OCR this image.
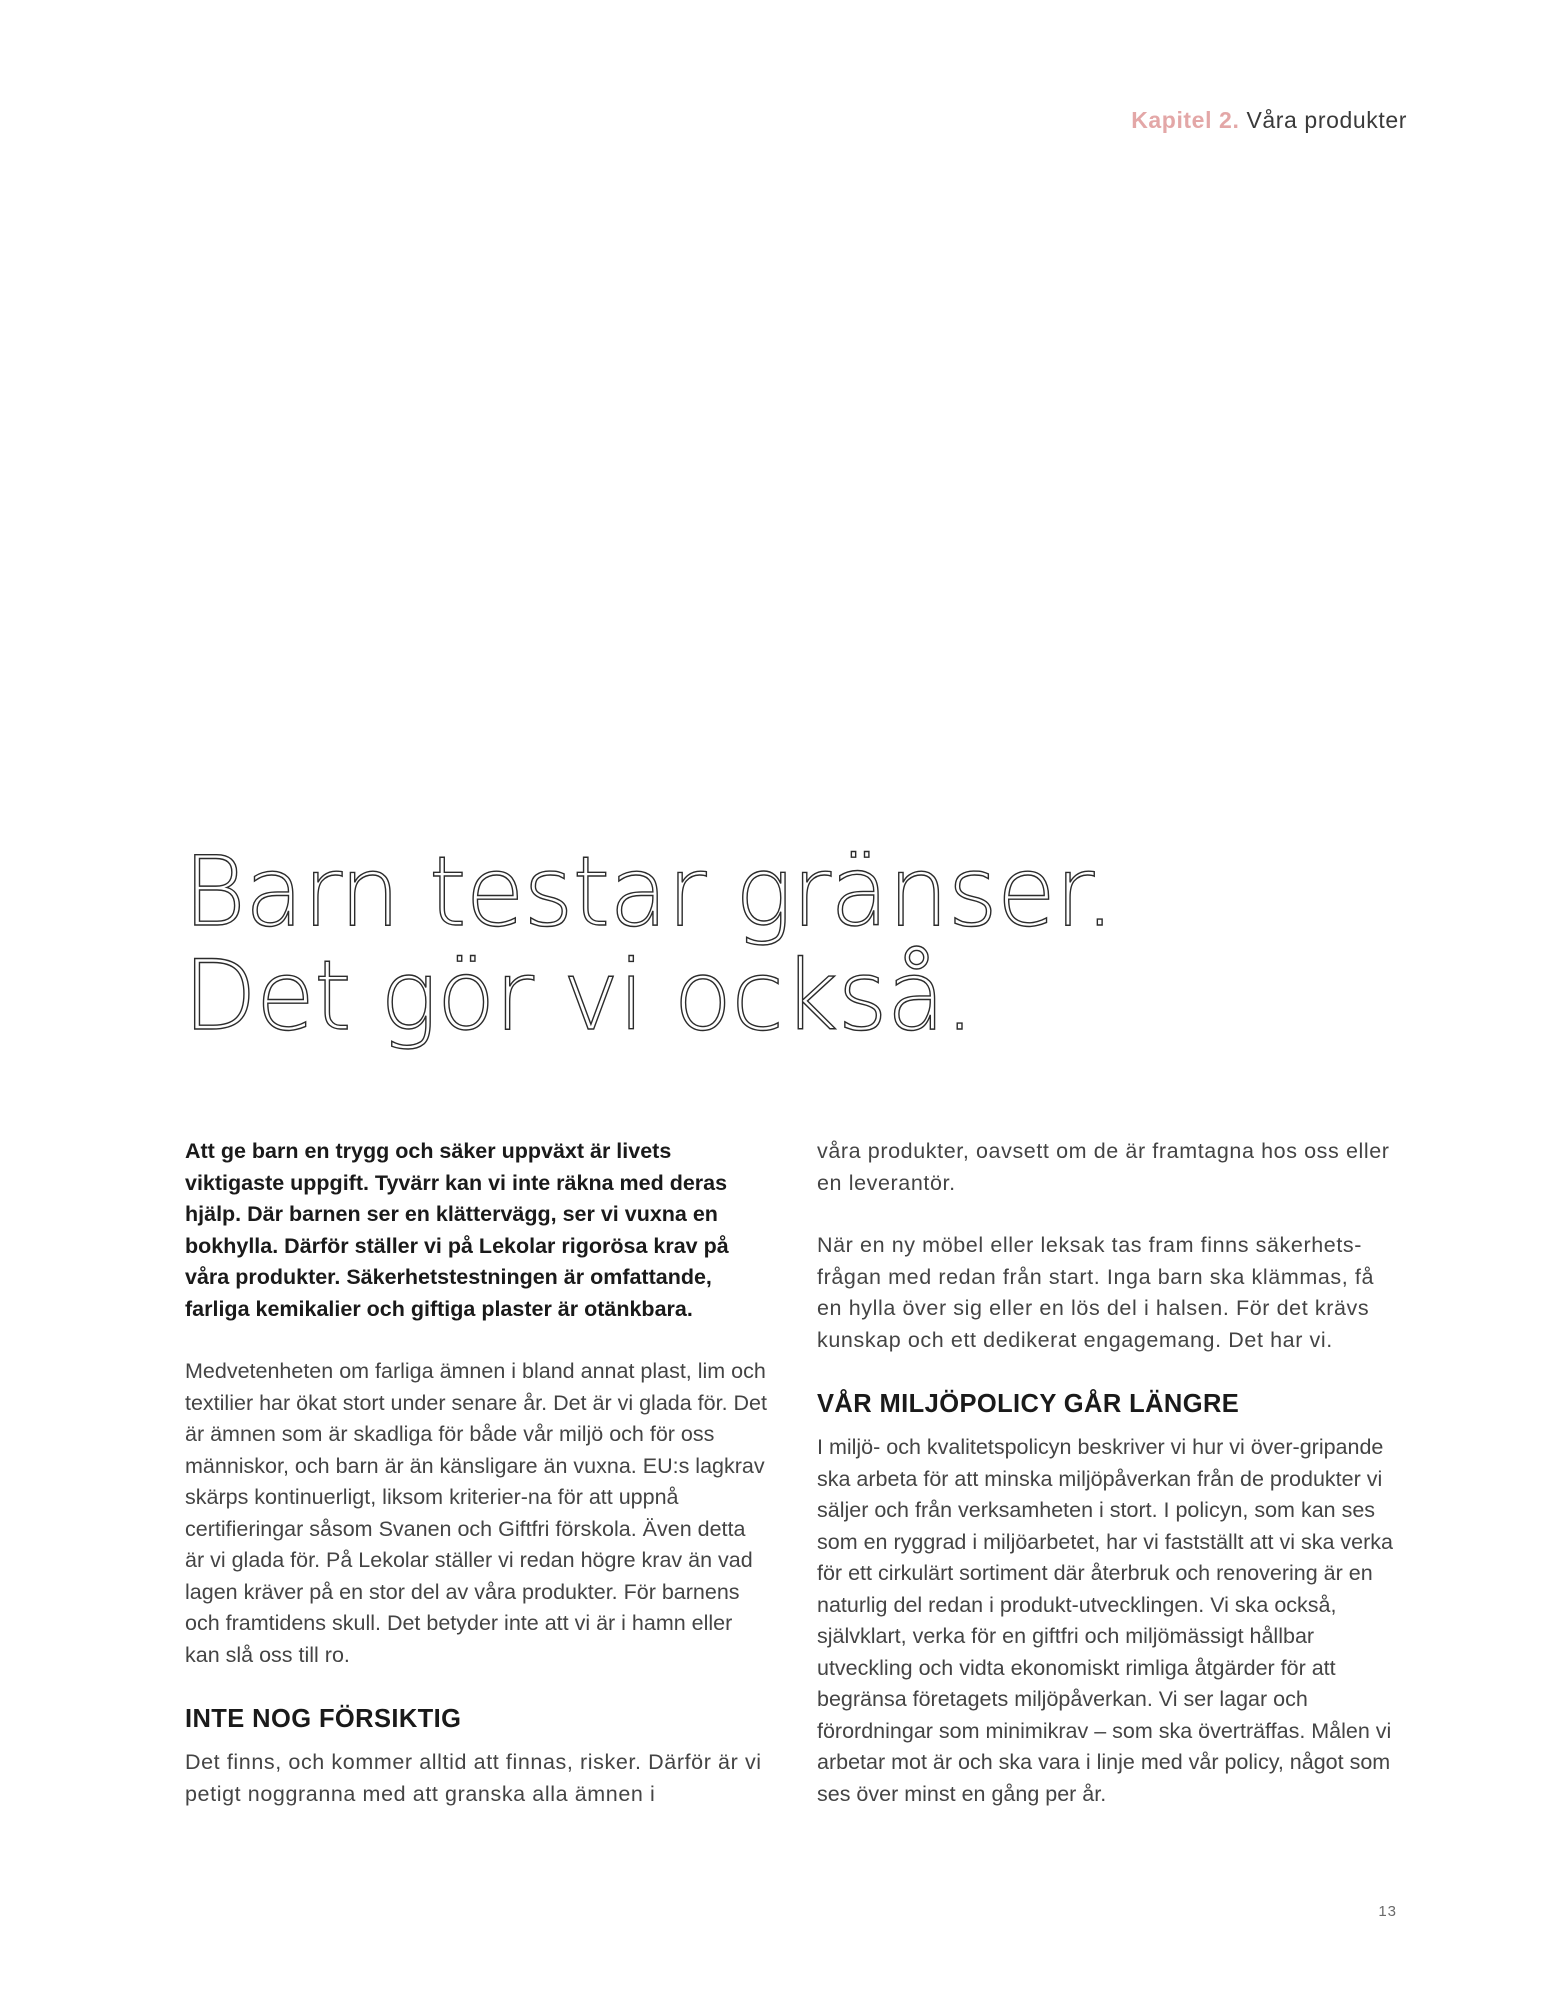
Kapitel 2. Våra produkter
Barn testar gränser.
Det gör vi också.

Att ge barn en trygg och säker uppväxt är livets viktigaste uppgift. Tyvärr kan vi inte räkna med deras hjälp. Där barnen ser en klättervägg, ser vi vuxna en bokhylla. Därför ställer vi på Lekolar rigorösa krav på våra produkter. Säkerhetstestningen är omfattande, farliga kemikalier och giftiga plaster är otänkbara.

Medvetenheten om farliga ämnen i bland annat plast, lim och textilier har ökat stort under senare år. Det är vi glada för. Det är ämnen som är skadliga för både vår miljö och för oss människor, och barn är än känsligare än vuxna. EU:s lagkrav skärps kontinuerligt, liksom kriterier-na för att uppnå certifieringar såsom Svanen och Giftfri förskola. Även detta är vi glada för. På Lekolar ställer vi redan högre krav än vad lagen kräver på en stor del av våra produkter. För barnens och framtidens skull. Det betyder inte att vi är i hamn eller kan slå oss till ro.

INTE NOG FÖRSIKTIG

Det finns, och kommer alltid att finnas, risker. Därför är vi petigt noggranna med att granska alla ämnen i

våra produkter, oavsett om de är framtagna hos oss eller en leverantör.

När en ny möbel eller leksak tas fram finns säkerhets-frågan med redan från start. Inga barn ska klämmas, få en hylla över sig eller en lös del i halsen. För det krävs kunskap och ett dedikerat engagemang. Det har vi.

VÅR MILJÖPOLICY GÅR LÄNGRE

I miljö- och kvalitetspolicyn beskriver vi hur vi över-gripande ska arbeta för att minska miljöpåverkan från de produkter vi säljer och från verksamheten i stort. I policyn, som kan ses som en ryggrad i miljöarbetet, har vi fastställt att vi ska verka för ett cirkulärt sortiment där återbruk och renovering är en naturlig del redan i produkt-utvecklingen. Vi ska också, självklart, verka för en giftfri och miljömässigt hållbar utveckling och vidta ekonomiskt rimliga åtgärder för att begränsa företagets miljöpåverkan. Vi ser lagar och förordningar som minimikrav – som ska överträffas. Målen vi arbetar mot är och ska vara i linje med vår policy, något som ses över minst en gång per år.

13
